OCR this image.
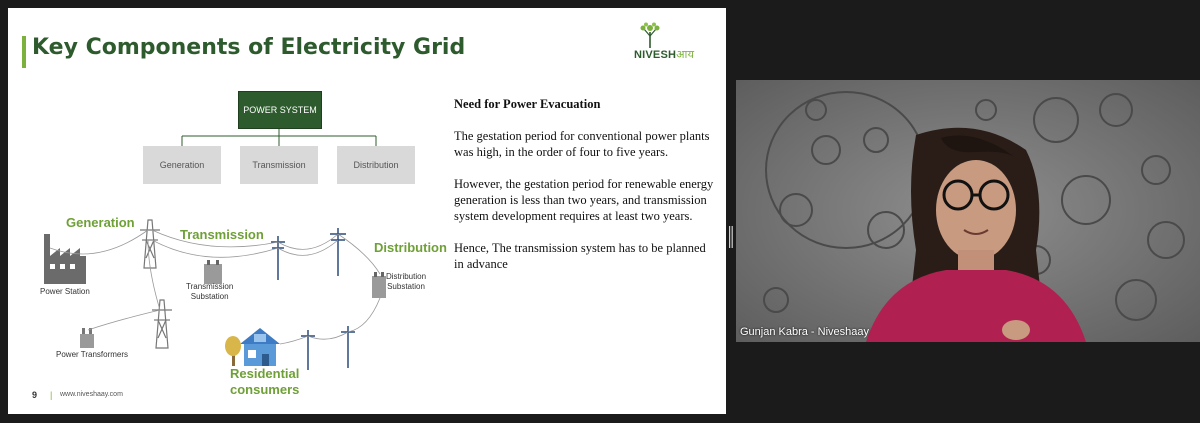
Key Components of Electricity Grid	NIVESHआय
POWER SYSTEM
Generation	Transmission	Distribution
Generation
Transmission
Distribution
Power Station
Power Transformers
Transmission
Substation
Distribution
Substation
Residential
consumers
Need for Power Evacuation

The gestation period for conventional power plants was high, in the order of four to five years.

However, the gestation period for renewable energy generation is less than two years, and transmission system development requires at least two years.

Hence, The transmission system has to be planned in advance

9 | www.niveshaay.com
Gunjan Kabra - Niveshaay
